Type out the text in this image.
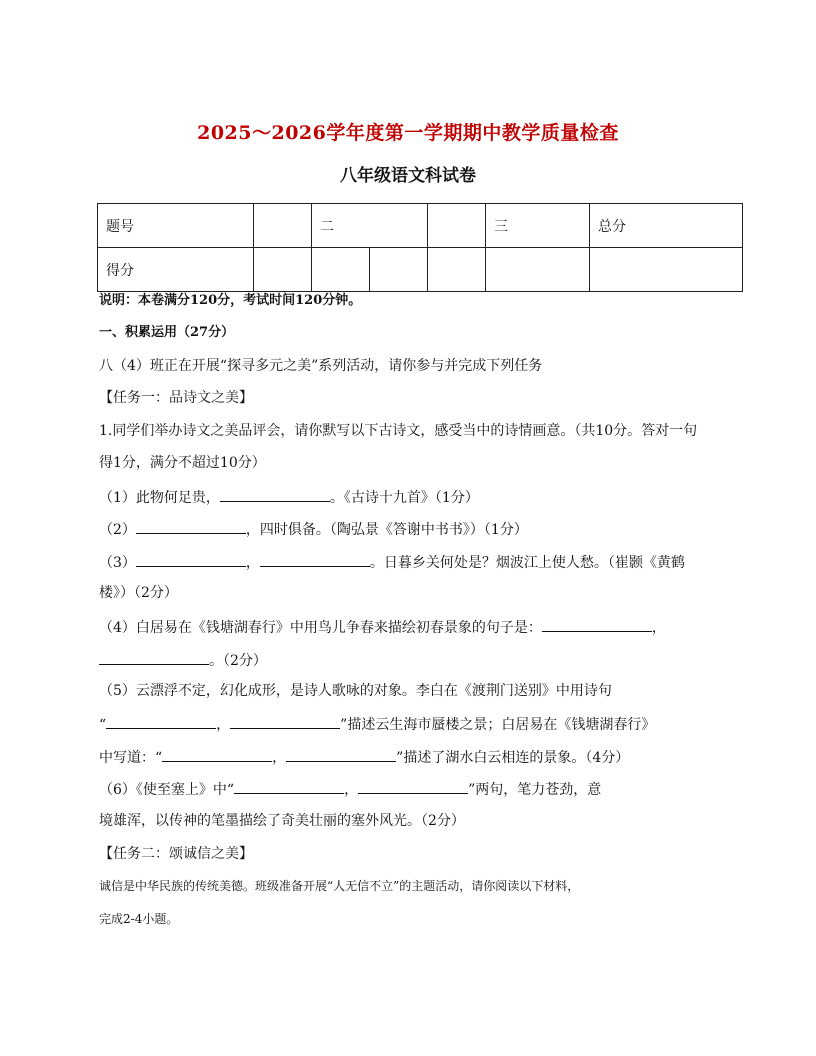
2025～2026学年度第一学期期中教学质量检查
八年级语文科试卷
题号		二			三	总分
得分						
说明：本卷满分120分，考试时间120分钟。
一、积累运用（27分）
八（4）班正在开展“探寻多元之美”系列活动，请你参与并完成下列任务
【任务一：品诗文之美】
1.同学们举办诗文之美品评会，请你默写以下古诗文，感受当中的诗情画意。（共10分。答对一句
得1分，满分不超过10分）
（1）此物何足贵，	。《古诗十九首》（1分）
（2）	，四时俱备。（陶弘景《答谢中书书》）（1分）
（3）	，	。日暮乡关何处是？烟波江上使人愁。（崔颢《黄鹤
楼》）（2分）
（4）白居易在《钱塘湖春行》中用鸟儿争春来描绘初春景象的句子是：	，
。（2分）
（5）云漂浮不定，幻化成形，是诗人歌咏的对象。李白在《渡荆门送别》中用诗句
“	，	”描述云生海市蜃楼之景；白居易在《钱塘湖春行》
中写道：“	，	”描述了湖水白云相连的景象。（4分）
（6）《使至塞上》中“	，	”两句，笔力苍劲，意
境雄浑，以传神的笔墨描绘了奇美壮丽的塞外风光。（2分）
【任务二：颂诚信之美】
诚信是中华民族的传统美德。班级准备开展“人无信不立”的主题活动，请你阅读以下材料，
完成2-4小题。
